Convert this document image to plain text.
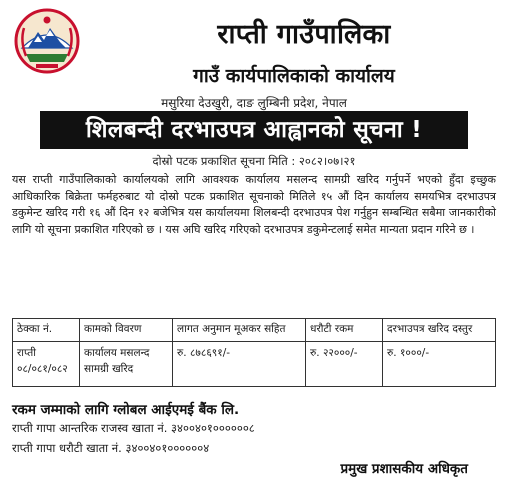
राप्ती गाउँपालिका
गाउँ कार्यपालिकाको कार्यालय
मसुरिया देउखुरी, दाङ लुम्बिनी प्रदेश, नेपाल
शिलबन्दी दरभाउपत्र आह्वानको सूचना !
दोस्रो पटक प्रकाशित सूचना मिति : २०८२।०७।२१
यस राप्ती गाउँपालिकाको कार्यालयको लागि आवश्यक कार्यालय मसलन्द सामग्री खरिद गर्नुपर्ने भएको हुँदा इच्छुक आधिकारिक बिक्रेता फर्महरुबाट यो दोस्रो पटक प्रकाशित सूचनाको मितिले १५ औं दिन कार्यालय समयभित्र दरभाउपत्र डकुमेन्ट खरिद गरी १६ औं दिन १२ बजेभित्र यस कार्यालयमा शिलबन्दी दरभाउपत्र पेश गर्नुहुन सम्बन्धित सबैमा जानकारीको लागि यो सूचना प्रकाशित गरिएको छ । यस अघि खरिद गरिएको दरभाउपत्र डकुमेन्टलाई समेत मान्यता प्रदान गरिने छ ।
ठेक्का नं.	कामको विवरण	लागत अनुमान मूअकर सहित	धरौटी रकम	दरभाउपत्र खरिद दस्तुर
राप्ती ०८/०८१/०८२	कार्यालय मसलन्द सामग्री खरिद	रु. ८७८६९१/-	रु. २२०००/-	रु. १०००/-
रकम जम्माको लागि ग्लोबल आईएमई बैंक लि.
राप्ती गापा आन्तरिक राजस्व खाता नं. ३४००४०१००००००८
राप्ती गापा धरौटी खाता नं. ३४००४०१००००००४
प्रमुख प्रशासकीय अधिकृत
